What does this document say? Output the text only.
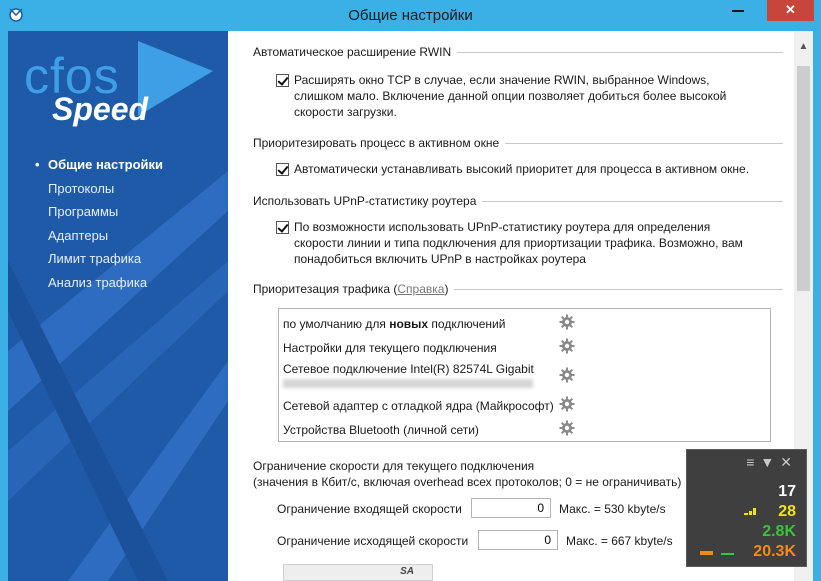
Общие настройки	✕
cfos
Speed
• Общие настройки
Протоколы
Программы
Адаптеры
Лимит трафика
Анализ трафика
Автоматическое расширение RWIN
Расширять окно TCP в случае, если значение RWIN, выбранное Windows, слишком мало. Включение данной опции позволяет добиться более высокой скорости загрузки.
Приоритезировать процесс в активном окне
Автоматически устанавливать высокий приоритет для процесса в активном окне.
Использовать UPnP-статистику роутера
По возможности использовать UPnP-статистику роутера для определения скорости линии и типа подключения для приортизации трафика. Возможно, вам понадобиться включить UPnP в настройках роутера
Приоритезация трафика ( Справка )
по умолчанию для новых подключений
Настройки для текущего подключения
Сетевое подключение Intel(R) 82574L Gigabit
Сетевой адаптер с отладкой ядра (Майкрософт)
Устройства Bluetooth (личной сети)
Ограничение скорости для текущего подключения
(значения в Кбит/с, включая overhead всех протоколов; 0 = не ограничивать)
Ограничение входящей скорости
0	Макс. = 530 kbyte/s
Ограничение исходящей скорости
0	Макс. = 667 kbyte/s
SA
▲
≡▼✕
17
28
2.8K
20.3K
